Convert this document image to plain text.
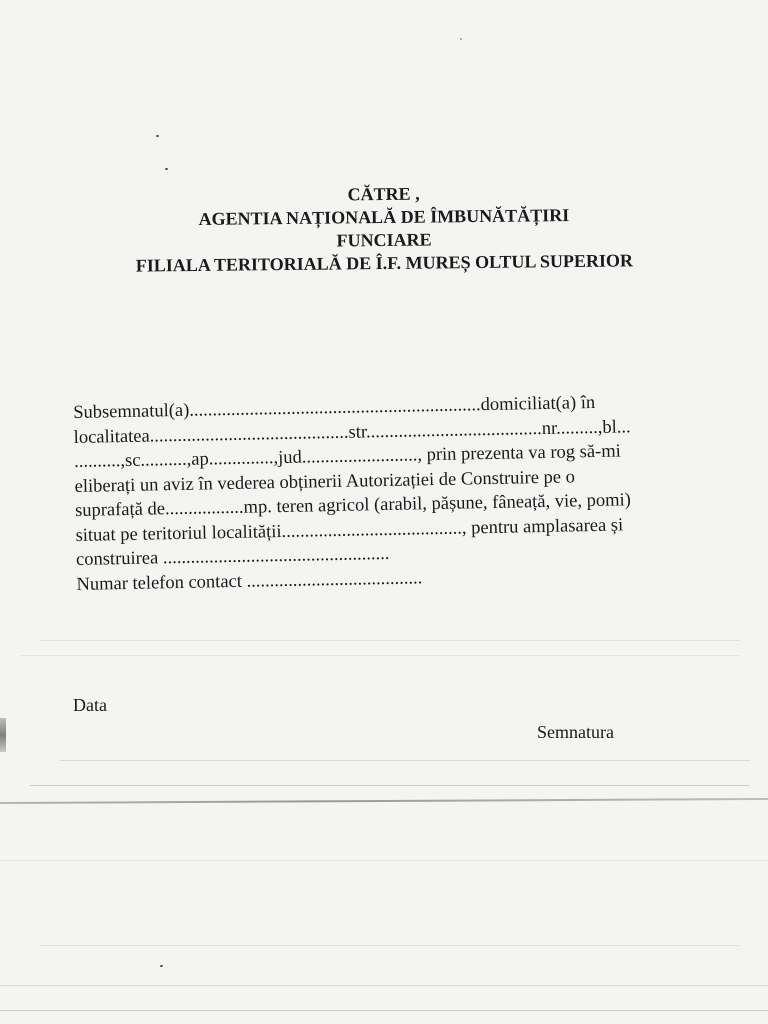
CĂTRE ,
AGENTIA NAȚIONALĂ DE ÎMBUNĂTĂȚIRI
FUNCIARE
FILIALA TERITORIALĂ DE Î.F. MUREȘ OLTUL SUPERIOR
Subsemnatul(a)...............................................................domiciliat(a) în
localitatea...........................................str......................................nr.........,bl...
..........,sc..........,ap..............,jud........................., prin prezenta va rog să-mi
eliberați un aviz în vederea obținerii Autorizației de Construire pe o
suprafață de.................mp. teren agricol (arabil, pășune, fâneață, vie, pomi)
situat pe teritoriul localității......................................., pentru amplasarea și
construirea .................................................
Numar telefon contact ......................................
Data
Semnatura
